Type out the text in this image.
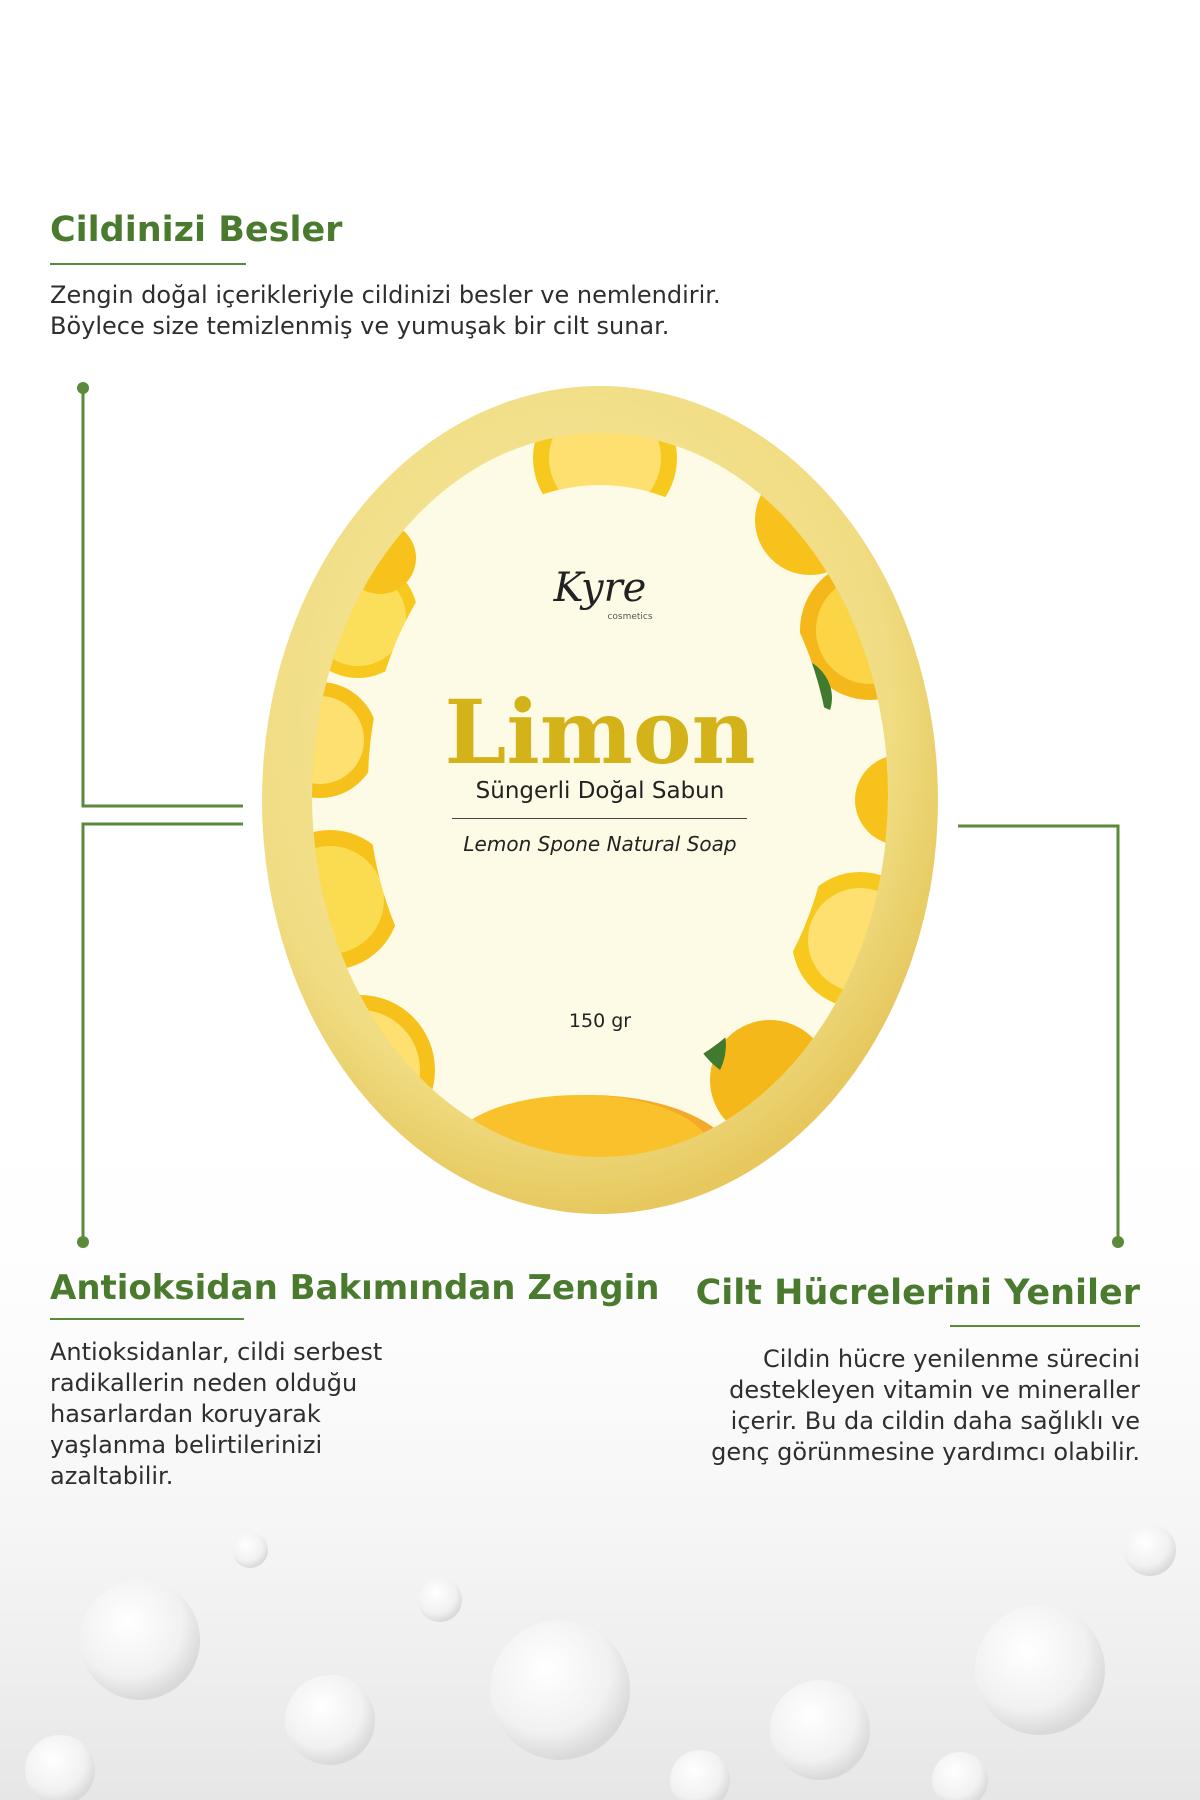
Cildinizi Besler

Zengin doğal içerikleriyle cildinizi besler ve nemlendirir.
Böylece size temizlenmiş ve yumuşak bir cilt sunar.

Kyre
cosmetics
Limon
Süngerli Doğal Sabun
Lemon Spone Natural Soap
150 gr
Antioksidan Bakımından Zengin

Antioksidanlar, cildi serbest
radikallerin neden olduğu
hasarlardan koruyarak
yaşlanma belirtilerinizi
azaltabilir.

Cilt Hücrelerini Yeniler

Cildin hücre yenilenme sürecini
destekleyen vitamin ve mineraller
içerir. Bu da cildin daha sağlıklı ve
genç görünmesine yardımcı olabilir.
